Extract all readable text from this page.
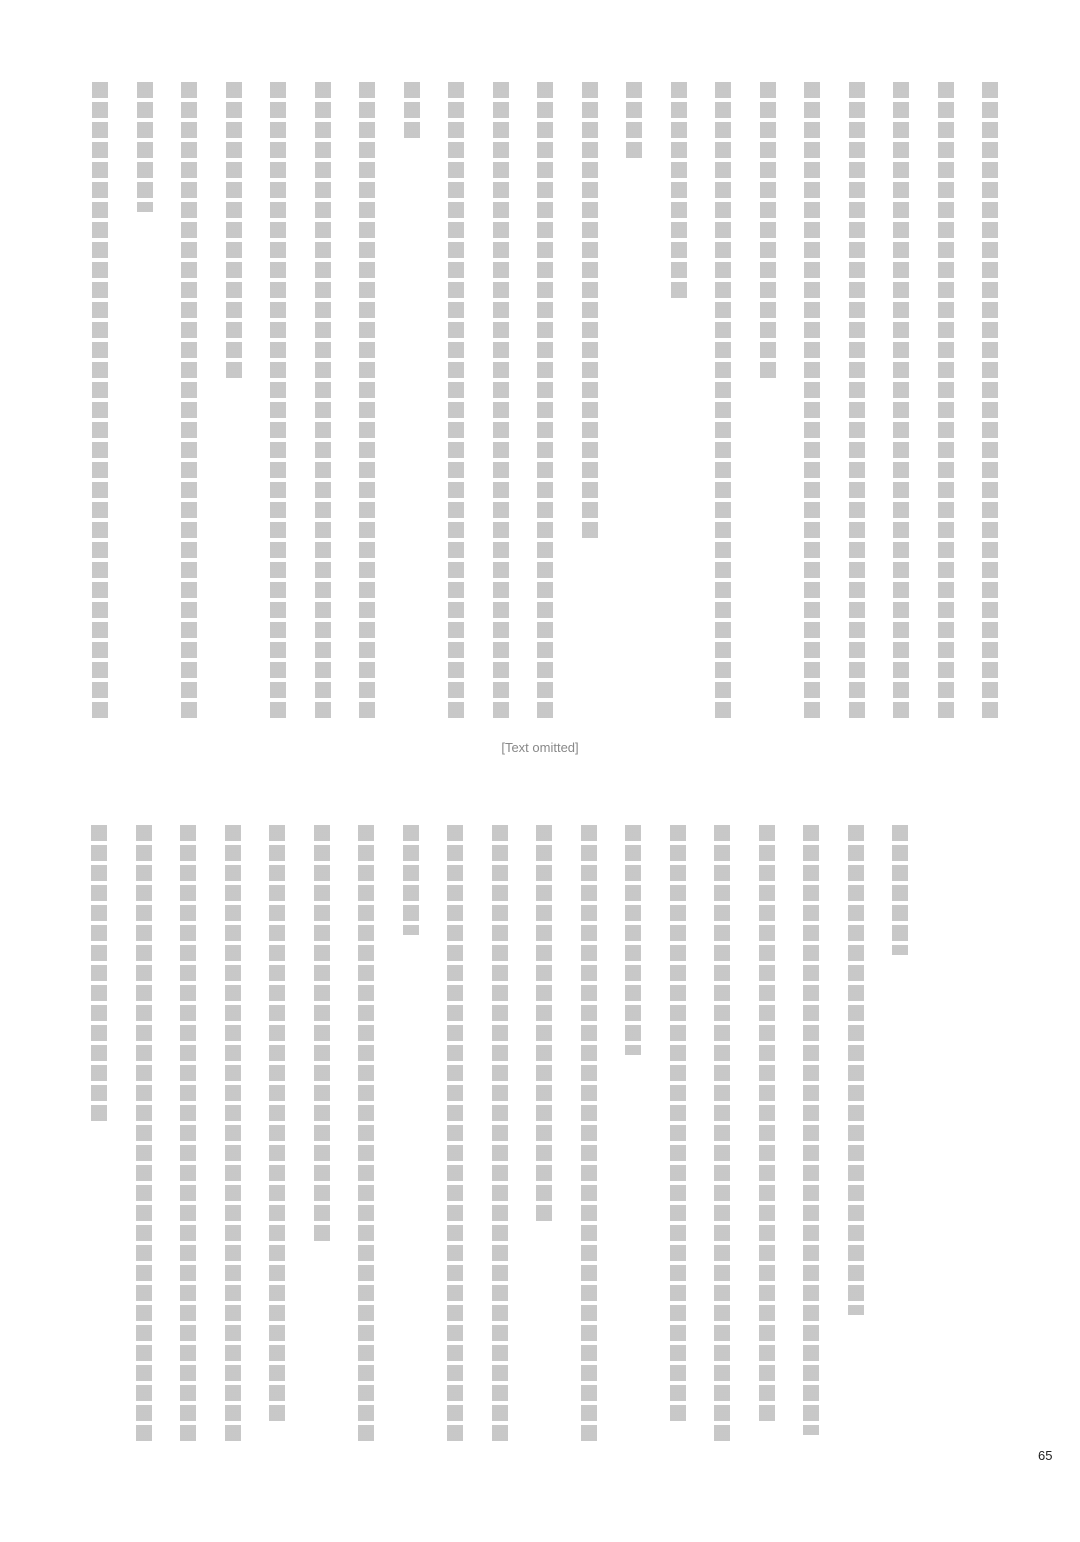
[Text omitted]
65
